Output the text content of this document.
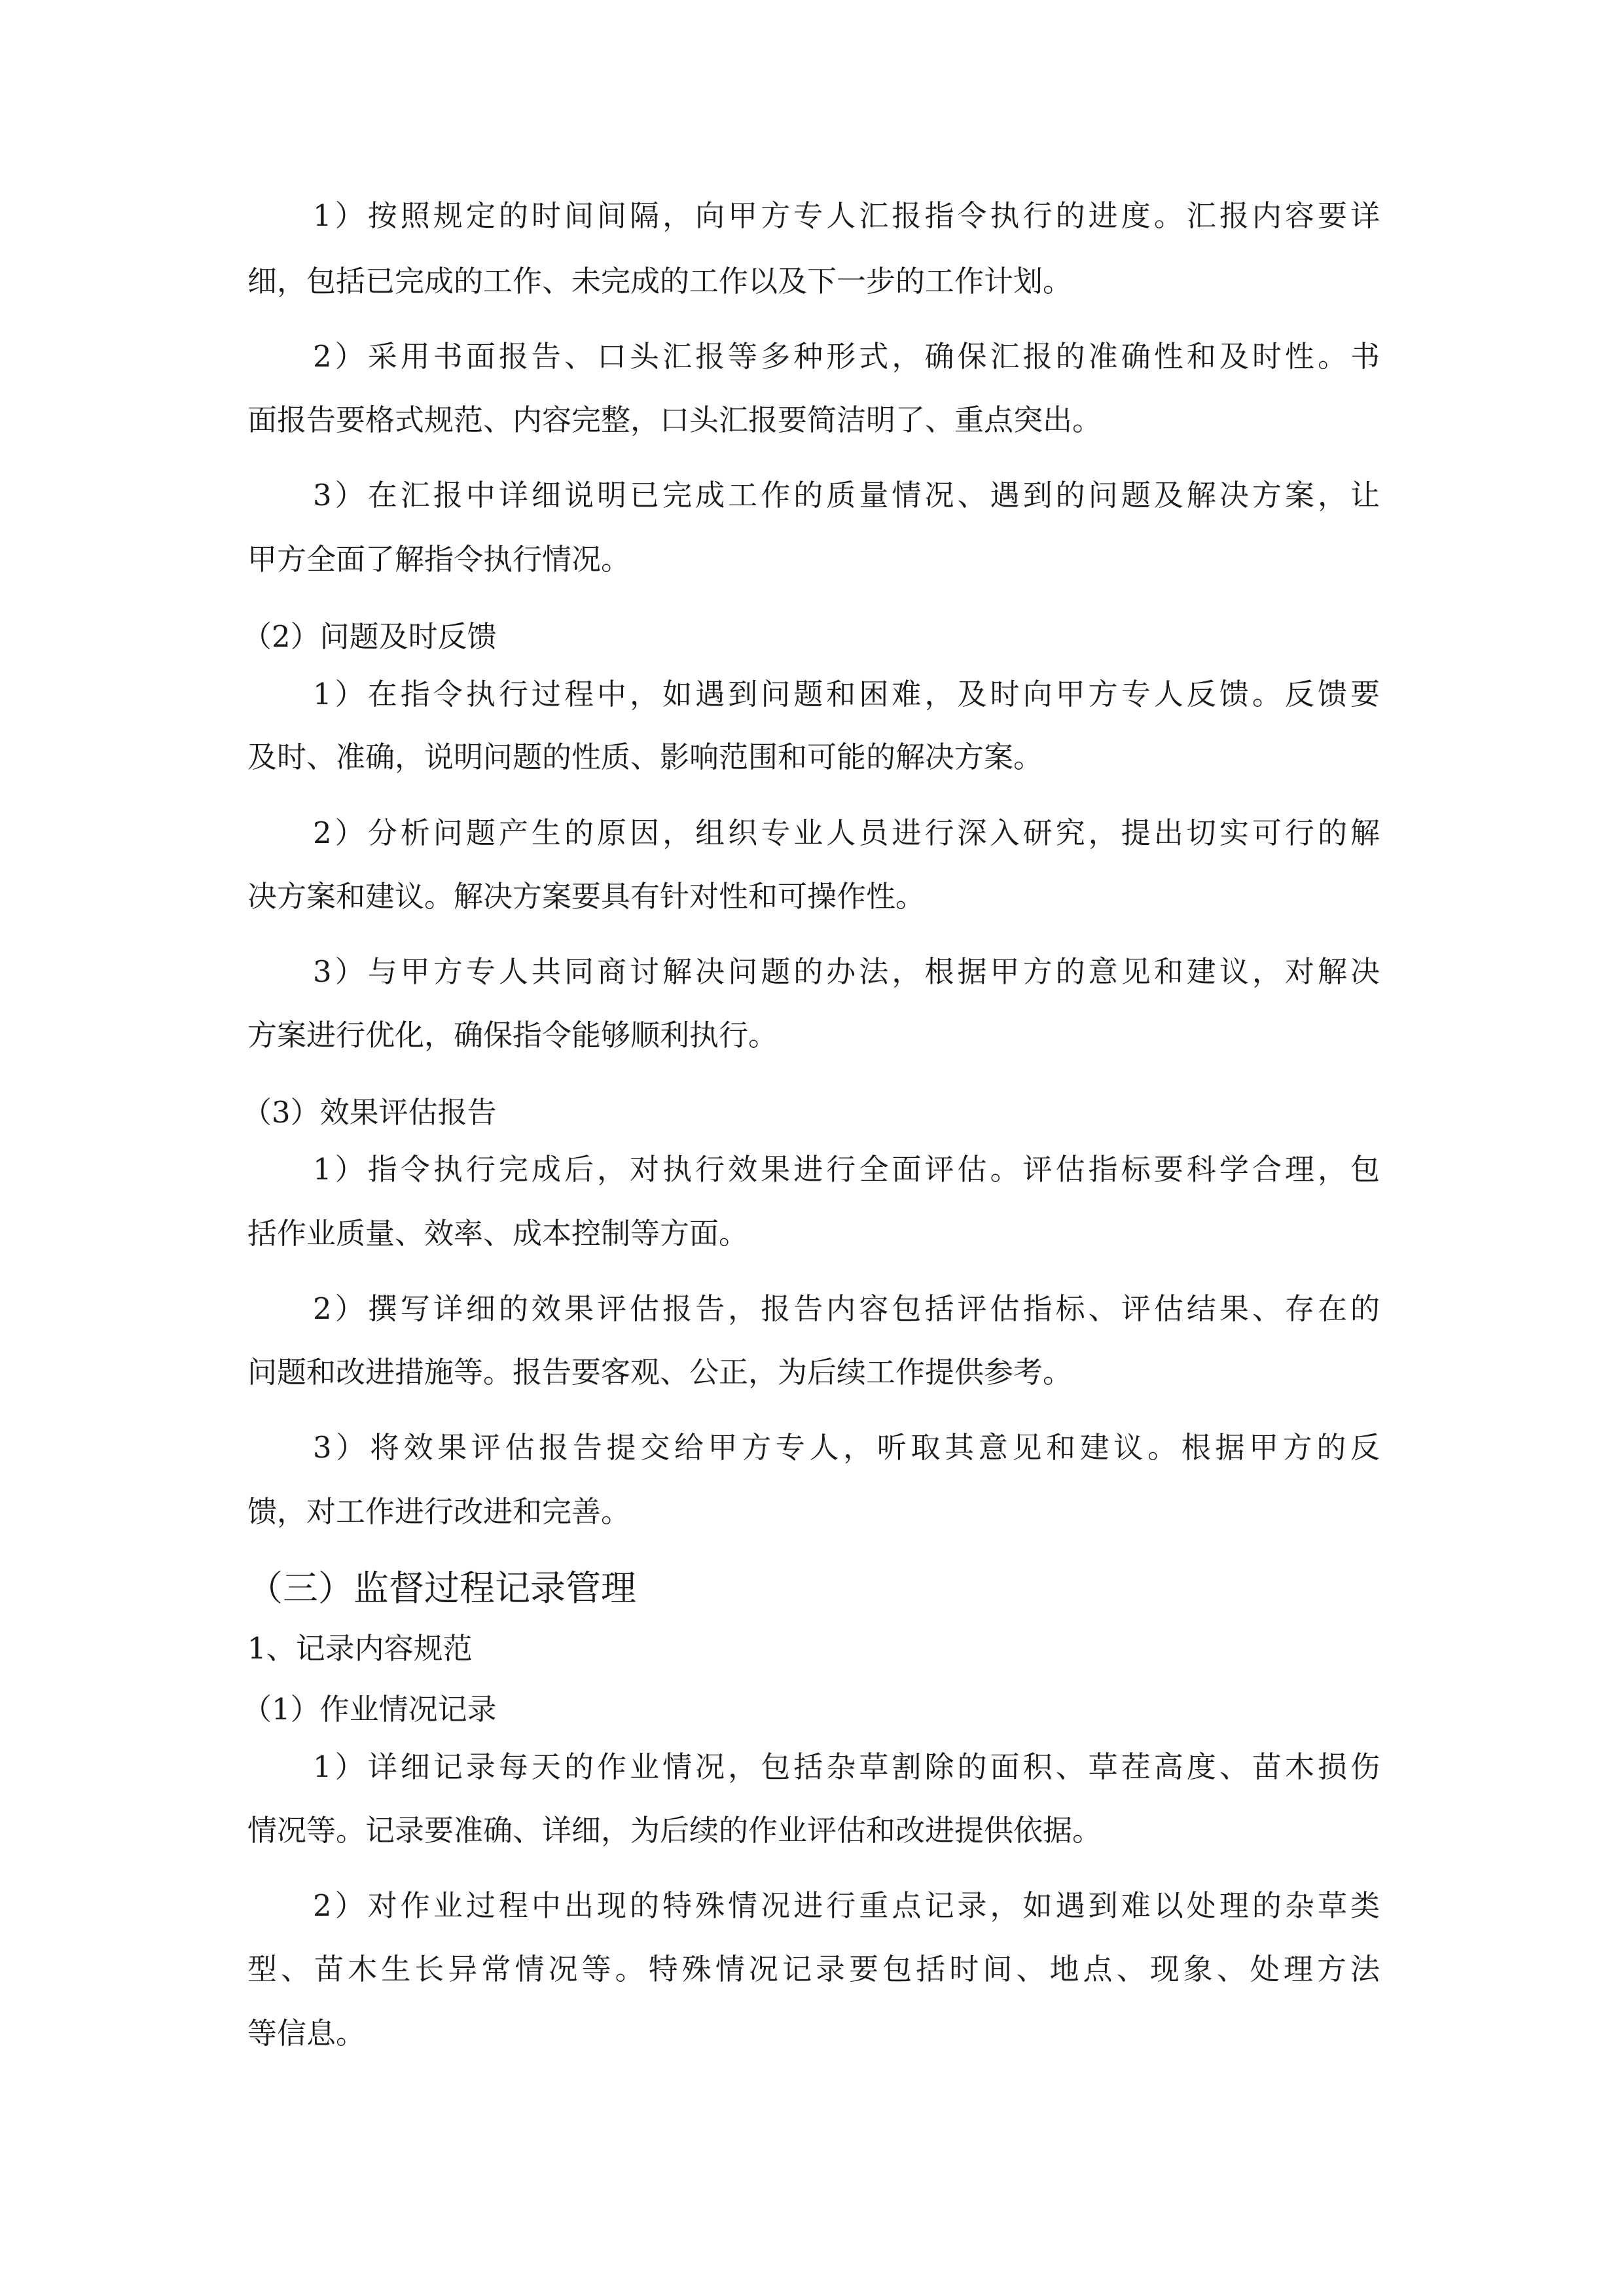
1）按照规定的时间间隔，向甲方专人汇报指令执行的进度。汇报内容要详
细，包括已完成的工作、未完成的工作以及下一步的工作计划。
2）采用书面报告、口头汇报等多种形式，确保汇报的准确性和及时性。书
面报告要格式规范、内容完整，口头汇报要简洁明了、重点突出。
3）在汇报中详细说明已完成工作的质量情况、遇到的问题及解决方案，让
甲方全面了解指令执行情况。
（2）问题及时反馈
1）在指令执行过程中，如遇到问题和困难，及时向甲方专人反馈。反馈要
及时、准确，说明问题的性质、影响范围和可能的解决方案。
2）分析问题产生的原因，组织专业人员进行深入研究，提出切实可行的解
决方案和建议。解决方案要具有针对性和可操作性。
3）与甲方专人共同商讨解决问题的办法，根据甲方的意见和建议，对解决
方案进行优化，确保指令能够顺利执行。
（3）效果评估报告
1）指令执行完成后，对执行效果进行全面评估。评估指标要科学合理，包
括作业质量、效率、成本控制等方面。
2）撰写详细的效果评估报告，报告内容包括评估指标、评估结果、存在的
问题和改进措施等。报告要客观、公正，为后续工作提供参考。
3）将效果评估报告提交给甲方专人，听取其意见和建议。根据甲方的反
馈，对工作进行改进和完善。
（三）监督过程记录管理
1、记录内容规范
（1）作业情况记录
1）详细记录每天的作业情况，包括杂草割除的面积、草茬高度、苗木损伤
情况等。记录要准确、详细，为后续的作业评估和改进提供依据。
2）对作业过程中出现的特殊情况进行重点记录，如遇到难以处理的杂草类
型、苗木生长异常情况等。特殊情况记录要包括时间、地点、现象、处理方法
等信息。
